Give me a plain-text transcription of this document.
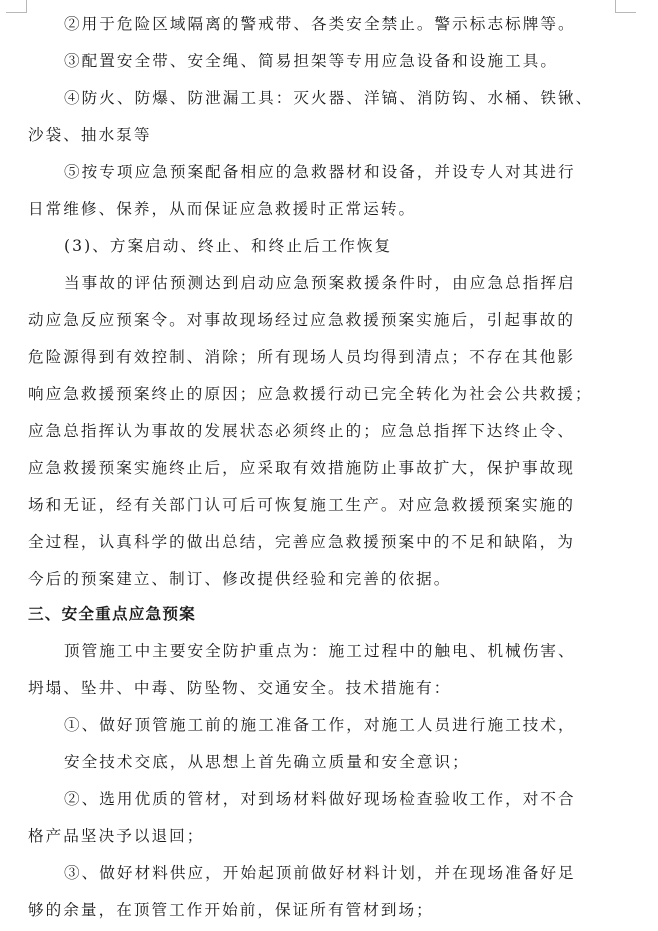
②用于危险区域隔离的警戒带、各类安全禁止。警示标志标牌等。
③配置安全带、安全绳、简易担架等专用应急设备和设施工具。
④防火、防爆、防泄漏工具：灭火器、洋镐、消防钩、水桶、铁锹、
沙袋、抽水泵等
⑤按专项应急预案配备相应的急救器材和设备，并设专人对其进行
日常维修、保养，从而保证应急救援时正常运转。
(3)、方案启动、终止、和终止后工作恢复
当事故的评估预测达到启动应急预案救援条件时，由应急总指挥启
动应急反应预案令。对事故现场经过应急救援预案实施后，引起事故的
危险源得到有效控制、消除；所有现场人员均得到清点；不存在其他影
响应急救援预案终止的原因；应急救援行动已完全转化为社会公共救援；
应急总指挥认为事故的发展状态必须终止的；应急总指挥下达终止令、
应急救援预案实施终止后，应采取有效措施防止事故扩大，保护事故现
场和无证，经有关部门认可后可恢复施工生产。对应急救援预案实施的
全过程，认真科学的做出总结，完善应急救援预案中的不足和缺陷，为
今后的预案建立、制订、修改提供经验和完善的依据。
三、安全重点应急预案
顶管施工中主要安全防护重点为：施工过程中的触电、机械伤害、
坍塌、坠井、中毒、防坠物、交通安全。技术措施有：
①、做好顶管施工前的施工准备工作，对施工人员进行施工技术，
安全技术交底，从思想上首先确立质量和安全意识；
②、选用优质的管材，对到场材料做好现场检查验收工作，对不合
格产品坚决予以退回；
③、做好材料供应，开始起顶前做好材料计划，并在现场准备好足
够的余量，在顶管工作开始前，保证所有管材到场；
